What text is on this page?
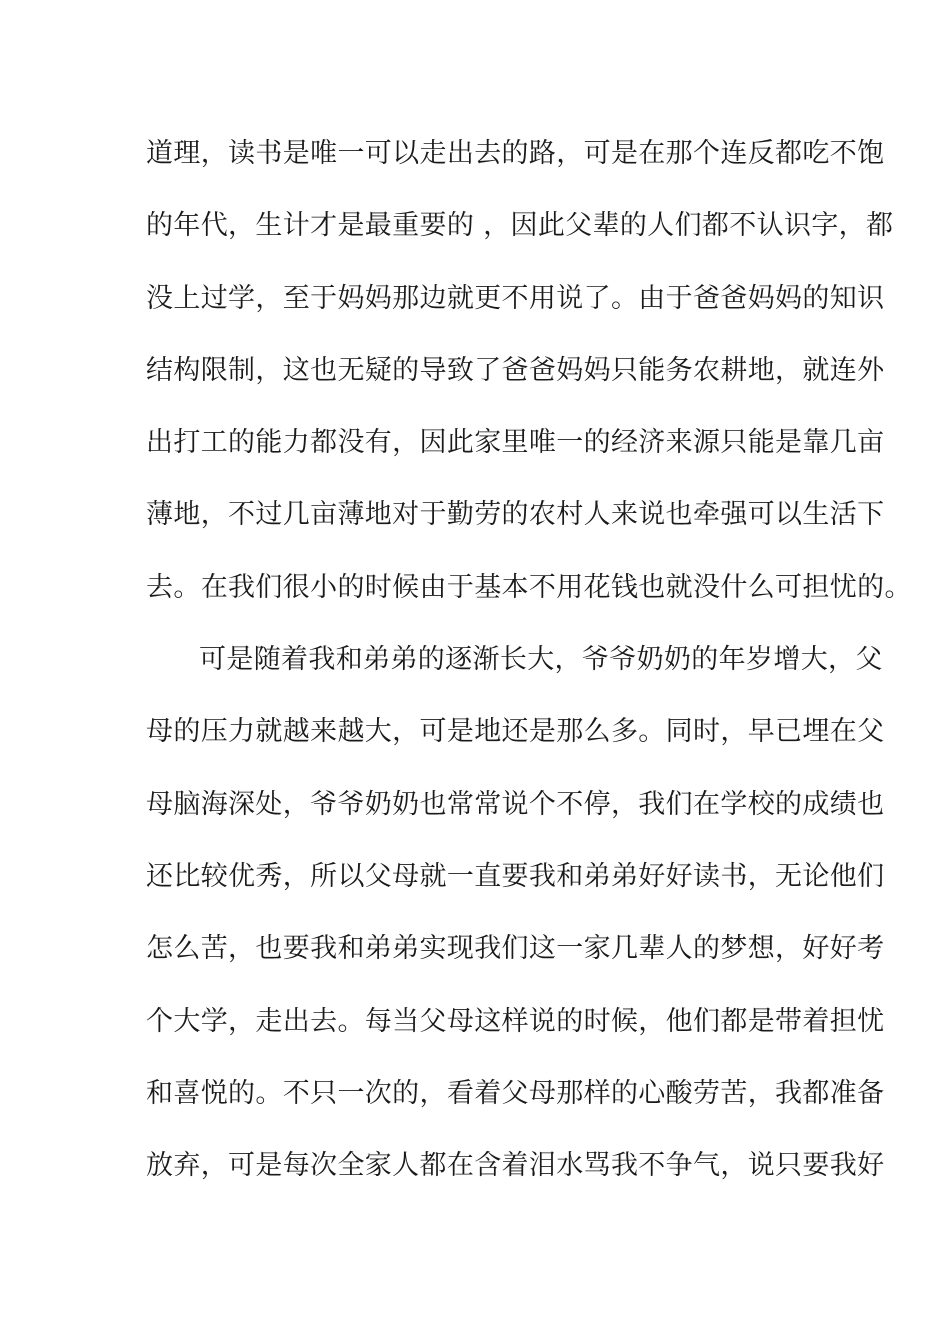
道理，读书是唯一可以走出去的路，可是在那个连反都吃不饱
的年代，生计才是最重要的 ，因此父辈的人们都不认识字，都
没上过学，至于妈妈那边就更不用说了。由于爸爸妈妈的知识
结构限制，这也无疑的导致了爸爸妈妈只能务农耕地，就连外
出打工的能力都没有，因此家里唯一的经济来源只能是靠几亩
薄地，不过几亩薄地对于勤劳的农村人来说也牵强可以生活下
去。在我们很小的时候由于基本不用花钱也就没什么可担忧的。
可是随着我和弟弟的逐渐长大，爷爷奶奶的年岁增大，父
母的压力就越来越大，可是地还是那么多。同时，早已埋在父
母脑海深处，爷爷奶奶也常常说个不停，我们在学校的成绩也
还比较优秀，所以父母就一直要我和弟弟好好读书，无论他们
怎么苦，也要我和弟弟实现我们这一家几辈人的梦想，好好考
个大学，走出去。每当父母这样说的时候，他们都是带着担忧
和喜悦的。不只一次的，看着父母那样的心酸劳苦，我都准备
放弃，可是每次全家人都在含着泪水骂我不争气，说只要我好
